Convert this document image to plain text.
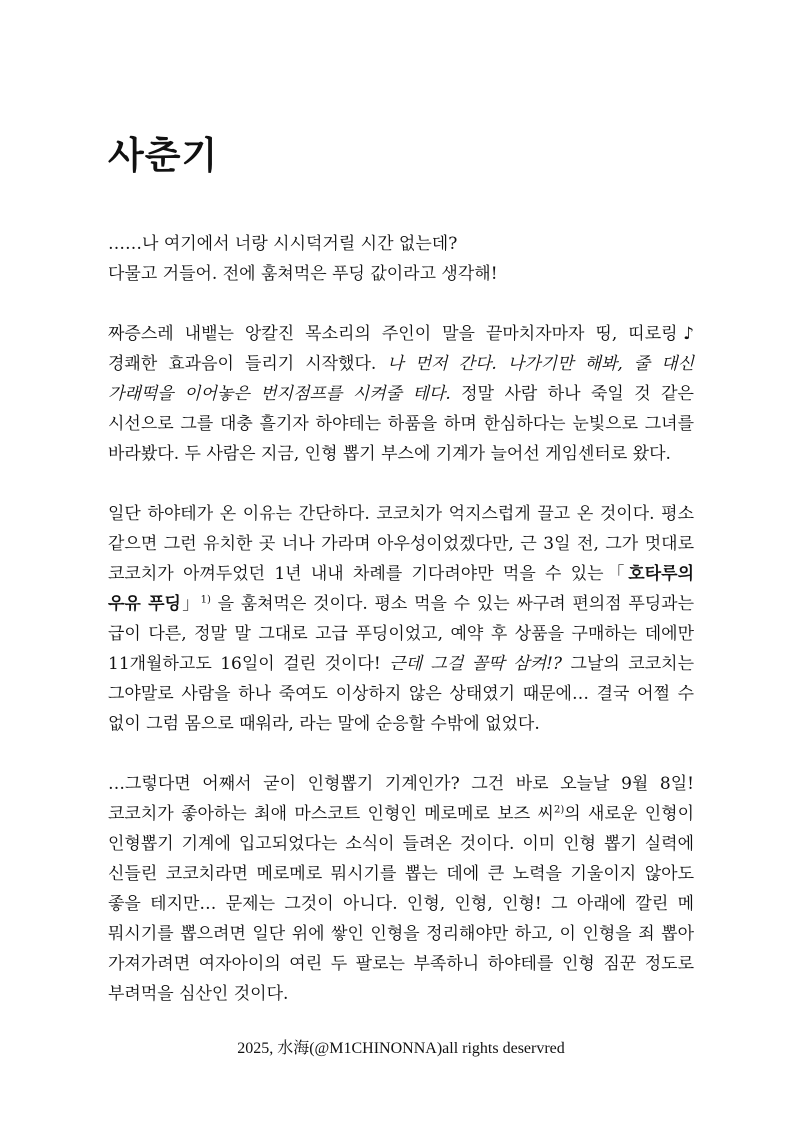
사춘기

……나 여기에서 너랑 시시덕거릴 시간 없는데?
다물고 거들어. 전에 훔쳐먹은 푸딩 값이라고 생각해!

짜증스레 내뱉는 앙칼진 목소리의 주인이 말을 끝마치자마자 띵, 띠로링♪ 경쾌한 효과음이 들리기 시작했다. 나 먼저 간다. 나가기만 해봐, 줄 대신 가래떡을 이어놓은 번지점프를 시켜줄 테다. 정말 사람 하나 죽일 것 같은 시선으로 그를 대충 흘기자 하야테는 하품을 하며 한심하다는 눈빛으로 그녀를 바라봤다. 두 사람은 지금, 인형 뽑기 부스에 기계가 늘어선 게임센터로 왔다.

일단 하야테가 온 이유는 간단하다. 코코치가 억지스럽게 끌고 온 것이다. 평소 같으면 그런 유치한 곳 너나 가라며 아우성이었겠다만, 근 3일 전, 그가 멋대로 코코치가 아껴두었던 1년 내내 차례를 기다려야만 먹을 수 있는「호타루의 우유 푸딩」$^{1)}$ 을 훔쳐먹은 것이다. 평소 먹을 수 있는 싸구려 편의점 푸딩과는 급이 다른, 정말 말 그대로 고급 푸딩이었고, 예약 후 상품을 구매하는 데에만 11개월하고도 16일이 걸린 것이다! 근데 그걸 꼴딱 삼켜!? 그날의 코코치는 그야말로 사람을 하나 죽여도 이상하지 않은 상태였기 때문에… 결국 어쩔 수 없이 그럼 몸으로 때워라, 라는 말에 순응할 수밖에 없었다.

…그렇다면 어째서 굳이 인형뽑기 기계인가? 그건 바로 오늘날 9월 8일! 코코치가 좋아하는 최애 마스코트 인형인 메로메로 보즈 씨$^{2)}$의 새로운 인형이 인형뽑기 기계에 입고되었다는 소식이 들려온 것이다. 이미 인형 뽑기 실력에 신들린 코코치라면 메로메로 뭐시기를 뽑는 데에 큰 노력을 기울이지 않아도 좋을 테지만… 문제는 그것이 아니다. 인형, 인형, 인형! 그 아래에 깔린 메 뭐시기를 뽑으려면 일단 위에 쌓인 인형을 정리해야만 하고, 이 인형을 죄 뽑아 가져가려면 여자아이의 여린 두 팔로는 부족하니 하야테를 인형 짐꾼 정도로 부려먹을 심산인 것이다.

2025, 水海(@M1CHINONNA)all rights deservred
